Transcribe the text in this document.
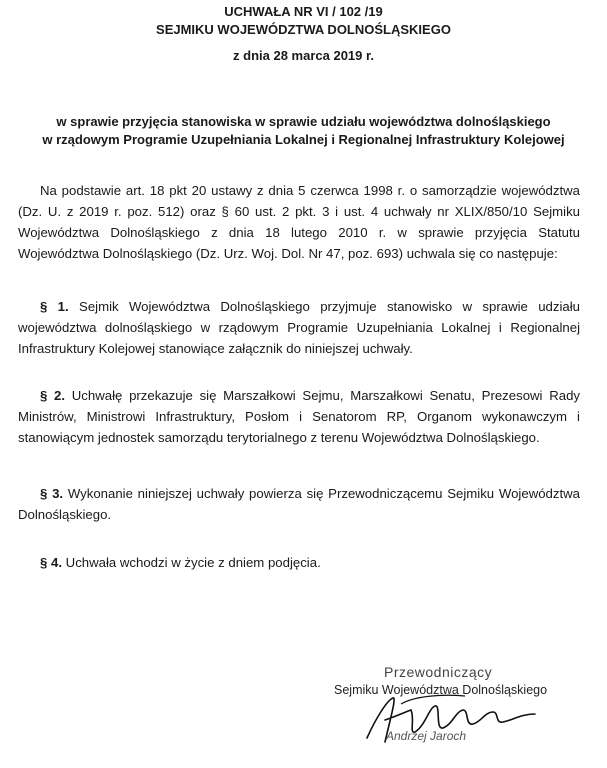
UCHWAŁA NR VI / 102 /19
SEJMIKU WOJEWÓDZTWA DOLNOŚLĄSKIEGO
z dnia 28 marca 2019 r.
w sprawie przyjęcia stanowiska w sprawie udziału województwa dolnośląskiego
w rządowym Programie Uzupełniania Lokalnej i Regionalnej Infrastruktury Kolejowej
Na podstawie art. 18 pkt 20 ustawy z dnia 5 czerwca 1998 r. o samorządzie województwa (Dz. U. z 2019 r. poz. 512) oraz § 60 ust. 2 pkt. 3 i ust. 4 uchwały nr XLIX/850/10 Sejmiku Województwa Dolnośląskiego z dnia 18 lutego 2010 r. w sprawie przyjęcia Statutu Województwa Dolnośląskiego (Dz. Urz. Woj. Dol. Nr 47, poz. 693) uchwala się co następuje:
§ 1. Sejmik Województwa Dolnośląskiego przyjmuje stanowisko w sprawie udziału województwa dolnośląskiego w rządowym Programie Uzupełniania Lokalnej i Regionalnej Infrastruktury Kolejowej stanowiące załącznik do niniejszej uchwały.
§ 2. Uchwałę przekazuje się Marszałkowi Sejmu, Marszałkowi Senatu, Prezesowi Rady Ministrów, Ministrowi Infrastruktury, Posłom i Senatorom RP, Organom wykonawczym i stanowiącym jednostek samorządu terytorialnego z terenu Województwa Dolnośląskiego.
§ 3. Wykonanie niniejszej uchwały powierza się Przewodniczącemu Sejmiku Województwa Dolnośląskiego.
§ 4. Uchwała wchodzi w życie z dniem podjęcia.
Przewodniczący
Sejmiku Województwa Dolnośląskiego
Andrzej Jaroch
